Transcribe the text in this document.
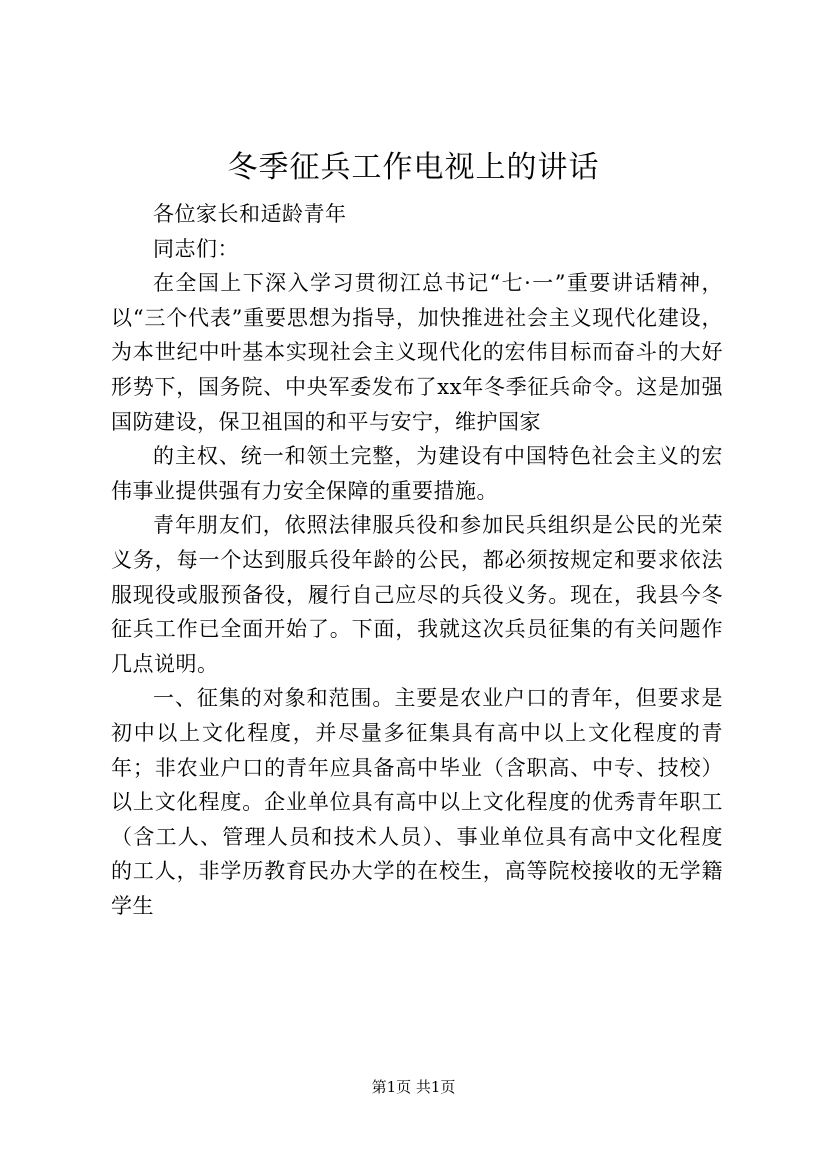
冬季征兵工作电视上的讲话

各位家长和适龄青年

同志们：

在全国上下深入学习贯彻江总书记“七·一”重要讲话精神，以“三个代表”重要思想为指导，加快推进社会主义现代化建设，为本世纪中叶基本实现社会主义现代化的宏伟目标而奋斗的大好形势下，国务院、中央军委发布了xx年冬季征兵命令。这是加强国防建设，保卫祖国的和平与安宁，维护国家

的主权、统一和领土完整，为建设有中国特色社会主义的宏伟事业提供强有力安全保障的重要措施。

青年朋友们，依照法律服兵役和参加民兵组织是公民的光荣义务，每一个达到服兵役年龄的公民，都必须按规定和要求依法服现役或服预备役，履行自己应尽的兵役义务。现在，我县今冬征兵工作已全面开始了。下面，我就这次兵员征集的有关问题作几点说明。

一、征集的对象和范围。主要是农业户口的青年，但要求是初中以上文化程度，并尽量多征集具有高中以上文化程度的青年；非农业户口的青年应具备高中毕业（含职高、中专、技校）以上文化程度。企业单位具有高中以上文化程度的优秀青年职工（含工人、管理人员和技术人员）、事业单位具有高中文化程度的工人，非学历教育民办大学的在校生，高等院校接收的无学籍学生

第1页 共1页
